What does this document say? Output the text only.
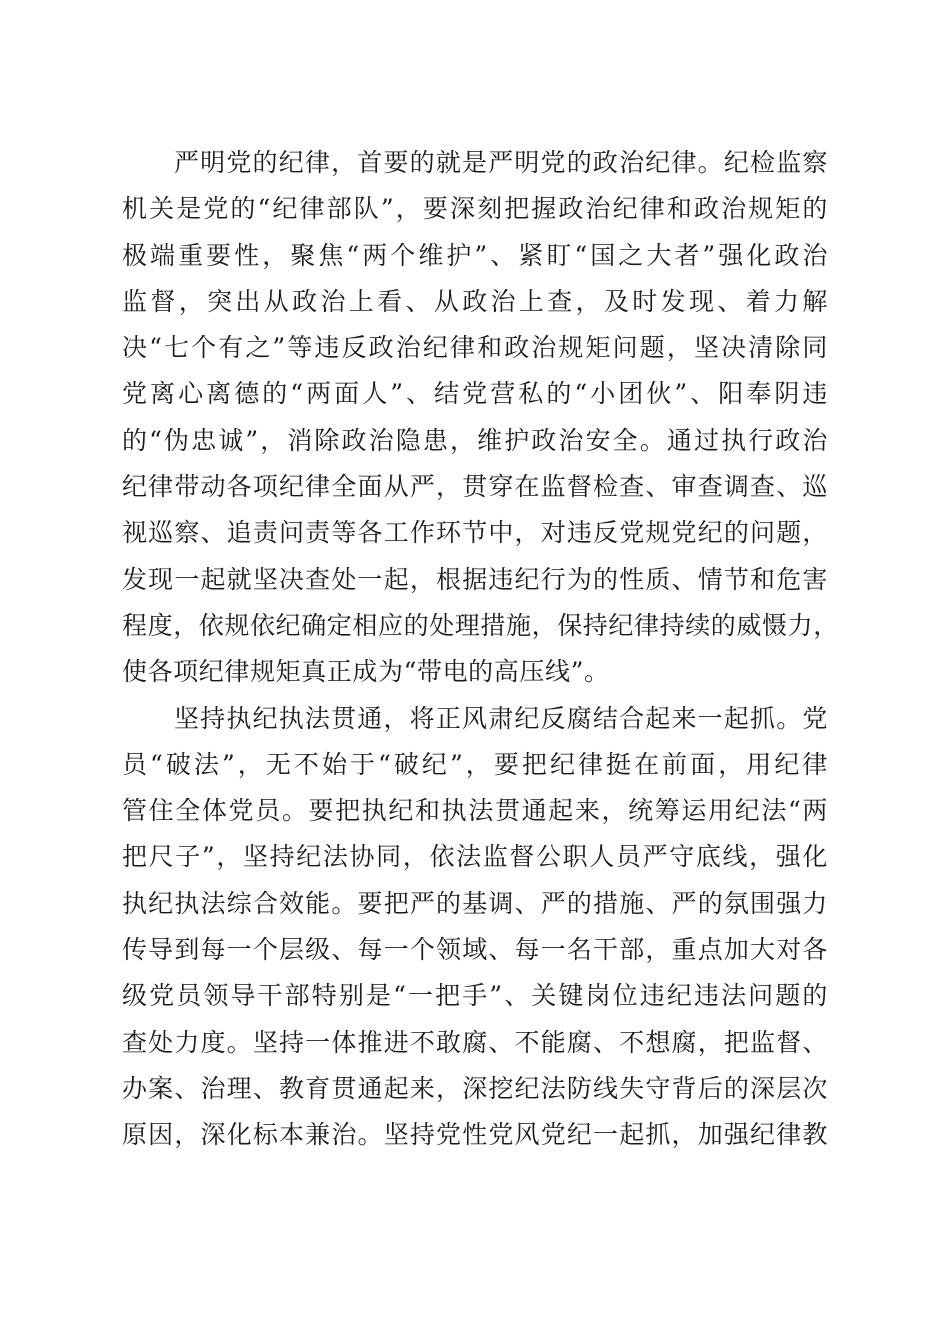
严明党的纪律，首要的就是严明党的政治纪律。纪检监察
机关是党的“纪律部队”，要深刻把握政治纪律和政治规矩的
极端重要性，聚焦“两个维护”、紧盯“国之大者”强化政治
监督，突出从政治上看、从政治上查，及时发现、着力解
决“七个有之”等违反政治纪律和政治规矩问题，坚决清除同
党离心离德的“两面人”、结党营私的“小团伙”、阳奉阴违
的“伪忠诚”，消除政治隐患，维护政治安全。通过执行政治
纪律带动各项纪律全面从严，贯穿在监督检查、审查调查、巡
视巡察、追责问责等各工作环节中，对违反党规党纪的问题，
发现一起就坚决查处一起，根据违纪行为的性质、情节和危害
程度，依规依纪确定相应的处理措施，保持纪律持续的威慑力，
使各项纪律规矩真正成为“带电的高压线”。
坚持执纪执法贯通，将正风肃纪反腐结合起来一起抓。党
员“破法”，无不始于“破纪”，要把纪律挺在前面，用纪律
管住全体党员。要把执纪和执法贯通起来，统筹运用纪法“两
把尺子”，坚持纪法协同，依法监督公职人员严守底线，强化
执纪执法综合效能。要把严的基调、严的措施、严的氛围强力
传导到每一个层级、每一个领域、每一名干部，重点加大对各
级党员领导干部特别是“一把手”、关键岗位违纪违法问题的
查处力度。坚持一体推进不敢腐、不能腐、不想腐，把监督、
办案、治理、教育贯通起来，深挖纪法防线失守背后的深层次
原因，深化标本兼治。坚持党性党风党纪一起抓，加强纪律教
